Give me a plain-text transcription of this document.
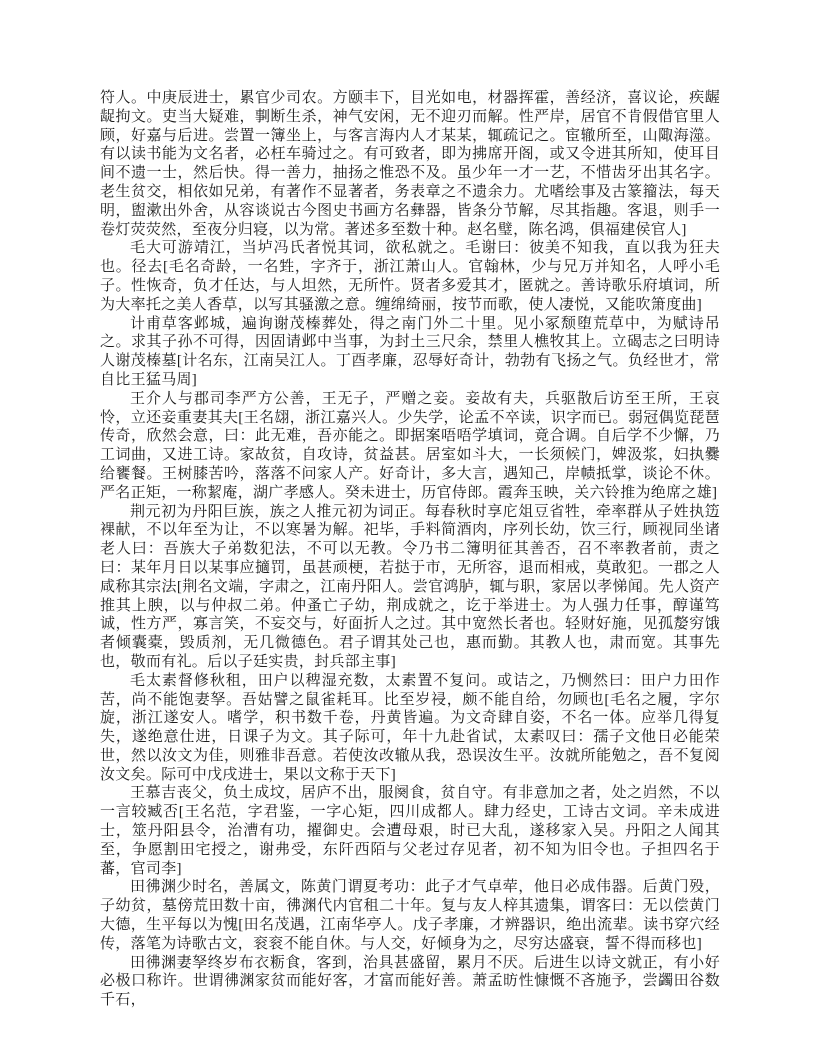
符人。中庚辰进士，累官少司农。方颐丰下，目光如电，材器挥霍，善经济，喜议论，疾龌龊拘文。吏当大疑难，剚断生杀，神气安闲，无不迎刃而解。性严岸，居官不肯假借官里人顾，好嘉与后进。尝置一簿坐上，与客言海内人才某某，辄疏记之。宦辙所至，山陬海澨。有以读书能为文名者，必枉车骑过之。有可致者，即为拂席开阁，或又令进其所知，使耳目间不遗一士，然后快。得一善力，抽扬之惟恐不及。虽少年一才一艺，不惜齿牙出其名字。老生贫交，相依如兄弟，有著作不显著者，务表章之不遗余力。尤嗜绘事及古篆籀法，每天明，盥漱出外舍，从容谈说古今图史书画方名彝器，皆条分节解，尽其指趣。客退，则手一卷灯荧荧然，至夜分归寝，以为常。著述多至数十种。赵名璧，陈名鸿，俱福建侯官人]

毛大可游靖江，当垆冯氏者悦其词，欲私就之。毛谢曰：彼美不知我，直以我为狂夫也。径去[毛名奇龄，一名甡，字齐于，浙江萧山人。官翰林，少与兄万并知名，人呼小毛子。性恢奇，负才任达，与人坦然，无所忤。贤者多爱其才，匿就之。善诗歌乐府填词，所为大率托之美人香草，以写其骚激之意。缠绵绮丽，按节而歌，使人凄悦，又能吹箫度曲]

计甫草客邺城，遍询谢茂榛葬处，得之南门外二十里。见小冢颓堕荒草中，为赋诗吊之。求其子孙不可得，因固请邺中当事，为封土三尺余，禁里人樵牧其上。立碣志之曰明诗人谢茂榛墓[计名东，江南吴江人。丁酉孝廉，忍辱好奇计，勃勃有飞扬之气。负经世才，常自比王猛马周]

王介人与郡司李严方公善，王无子，严赠之妾。妾故有夫，兵驱散后访至王所，王哀怜，立还妾重妻其夫[王名翃，浙江嘉兴人。少失学，论孟不卒读，识字而已。弱冠偶览琵琶传奇，欣然会意，曰：此无难，吾亦能之。即据案唔唔学填词，竟合调。自后学不少懈，乃工词曲，又进工诗。家故贫，自攻诗，贫益甚。居室如斗大，一长须候门，婢汲浆，妇执爨给饔餐。王树膝苦吟，落落不问家人产。好奇计，多大言，遇知己，岸帻抵掌，谈论不休。严名正矩，一称絜庵，湖广孝感人。癸未进士，历官侍郎。霞奔玉映，关六铃推为绝席之雄]

荆元初为丹阳巨族，族之人推元初为词正。每春秋时享庀俎豆省牲，牵率群从子姓执笾裸献，不以年至为让，不以寒暑为解。祀毕，手料简酒肉，序列长幼，饮三行，顾视同坐诸老人曰：吾族大子弟数犯法，不可以无教。令乃书二簿明征其善否，召不率教者前，责之曰：某年月日以某事应擿罚，虽甚顽梗，若挞于市，无所容，退而相戒，莫敢犯。一郡之人咸称其宗法[荆名文端，字肃之，江南丹阳人。尝官鸿胪，辄与职，家居以孝悌闻。先人资产推其上腴，以与仲叔二弟。仲蚤亡子幼，荆成就之，讫于举进士。为人强力任事，醇谨笃诚，性方严，寡言笑，不妄交与，好面折人之过。其中宽然长者也。轻财好施，见孤嫠穷饿者倾囊橐，毁质剂，无几微德色。君子谓其处己也，惠而勤。其教人也，肃而宽。其事先也，敬而有礼。后以子廷实贵，封兵部主事]

毛太素督修秋租，田户以稗湿充数，太素置不复问。或诘之，乃恻然曰：田户力田作苦，尚不能饱妻孥。吾姑譬之鼠雀耗耳。比至岁祲，颇不能自给，勿顾也[毛名之履，字尔旋，浙江遂安人。嗜学，积书数千卷，丹黄皆遍。为文奇肆自姿，不名一体。应举几得复失，遂绝意仕进，日课子为文。其子际可，年十九赴省试，太素叹曰：孺子文他日必能荣世，然以汝文为佳，则雅非吾意。若使汝改辙从我，恐误汝生平。汝就所能勉之，吾不复阅汝文矣。际可中戊戌进士，果以文称于天下]

王慕吉丧父，负土成坟，居庐不出，服阕食，贫自守。有非意加之者，处之岿然，不以一言较臧否[王名范，字君鉴，一字心矩，四川成都人。肆力经史，工诗古文词。辛未成进士，筮丹阳县令，治漕有功，擢御史。会遭母艰，时已大乱，遂移家入吴。丹阳之人闻其至，争愿割田宅授之，谢弗受，东阡西陌与父老过存见者，初不知为旧令也。子担四名于蕃，官司李]

田彿渊少时名，善属文，陈黄门谓夏考功：此子才气卓荦，他日必成伟器。后黄门殁，子幼贫，墓傍荒田数十亩，彿渊代内官租二十年。复与友人梓其遗集，谓客曰：无以偿黄门大德，生平每以为愧[田名茂遇，江南华亭人。戊子孝廉，才辨器识，绝出流辈。读书穿穴经传，落笔为诗歌古文，衮衮不能自休。与人交，好倾身为之，尽穷达盛衰，誓不得而移也]

田彿渊妻孥终岁布衣粝食，客到，治具甚盛留，累月不厌。后进生以诗文就正，有小好必极口称许。世谓彿渊家贫而能好客，才富而能好善。萧孟昉性慷慨不吝施予，尝蠲田谷数千石，
